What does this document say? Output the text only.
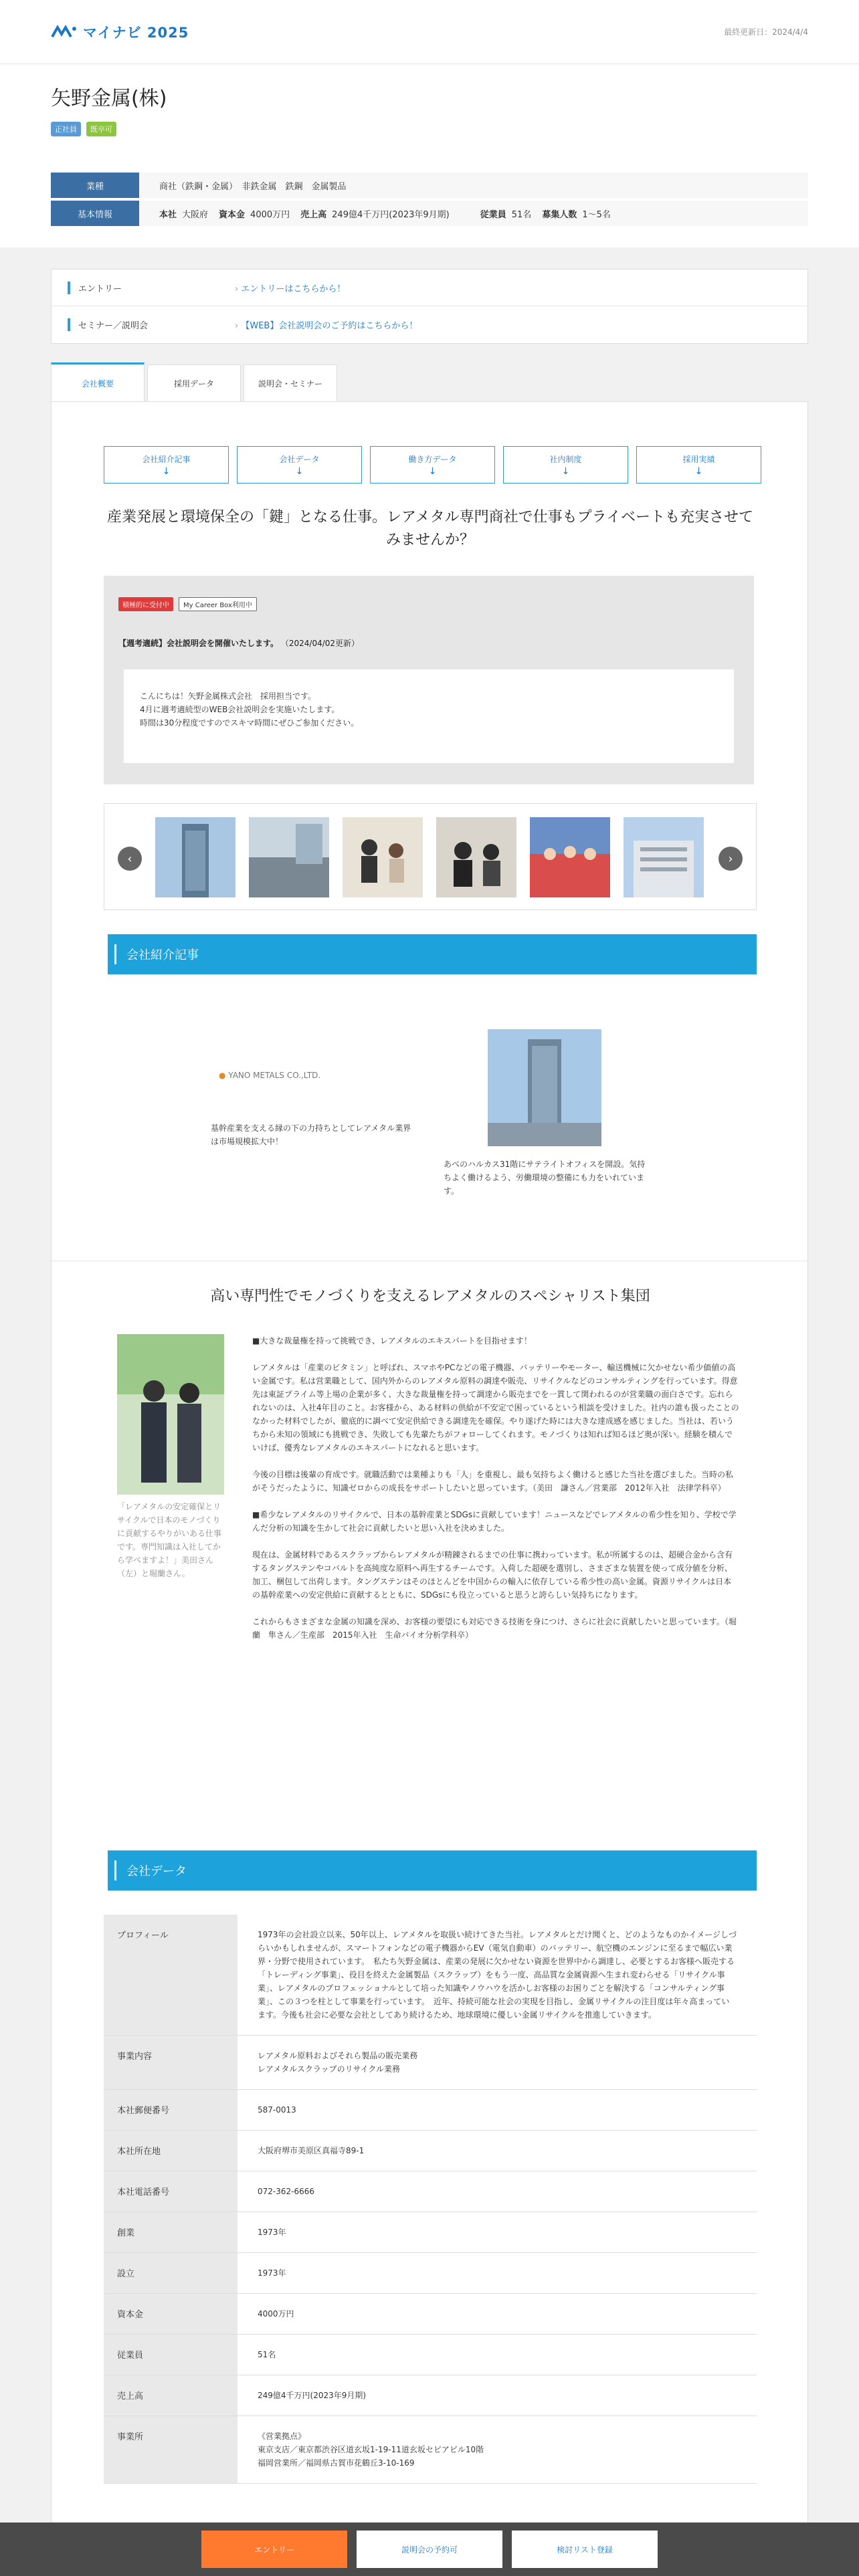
マイナビ 2025	最終更新日：2024/4/4
矢野金属(株)
正社員	既卒可
業種	商社（鉄鋼・金属）　非鉄金属　鉄鋼　金属製品
基本情報	本社 大阪府 資本金 4000万円 売上高 249億4千万円(2023年9月期)	従業員 51名 募集人数 1～5名
エントリー	› エントリーはこちらから！
セミナー／説明会	› 【WEB】会社説明会のご予約はこちらから！
会社概要	採用データ	説明会・セミナー
会社紹介記事
↓
会社データ
↓
働き方データ
↓
社内制度
↓
採用実績
↓
産業発展と環境保全の「鍵」となる仕事。レアメタル専門商社で仕事もプライベートも充実させてみませんか？
積極的に受付中	My Career Box利用中
【週考適続】会社説明会を開催いたします。 （2024/04/02更新）
こんにちは！矢野金属株式会社　採用担当です。
4月に週考適続型のWEB会社説明会を実施いたします。
時間は30分程度ですのでスキマ時間にぜひご参加ください。
‹	›
会社紹介記事
● YANO METALS CO.,LTD.
基幹産業を支える縁の下の力持ちとしてレアメタル業界は市場規模拡大中！
あべのハルカス31階にサテライトオフィスを開設。気持ちよく働けるよう、労働環境の整備にも力をいれています。
高い専門性でモノづくりを支えるレアメタルのスペシャリスト集団
「レアメタルの安定確保とリサイクルで日本のモノづくりに貢献するやりがいある仕事です。専門知識は入社してから学べますよ！」美田さん（左）と堀蘭さん。

■大きな裁量権を持って挑戦でき、レアメタルのエキスパートを目指せます！

レアメタルは「産業のビタミン」と呼ばれ、スマホやPCなどの電子機器、バッテリーやモーター、輸送機械に欠かせない希少価値の高い金属です。私は営業職として、国内外からのレアメタル原料の調達や販売、リサイクルなどのコンサルティングを行っています。得意先は東証プライム等上場の企業が多く、大きな裁量権を持って調達から販売までを一貫して関われるのが営業職の面白さです。忘れられないのは、入社4年目のこと。お客様から、ある材料の供給が不安定で困っているという相談を受けました。社内の誰も扱ったことのなかった材料でしたが、徹底的に調べて安定供給できる調達先を確保。やり遂げた時には大きな達成感を感じました。当社は、若いうちから未知の領域にも挑戦でき、失敗しても先輩たちがフォローしてくれます。モノづくりは知れば知るほど奥が深い。経験を積んでいけば、優秀なレアメタルのエキスパートになれると思います。

今後の目標は後輩の育成です。就職活動では業種よりも「人」を重視し、最も気持ちよく働けると感じた当社を選びました。当時の私がそうだったように、知識ゼロからの成長をサポートしたいと思っています。（美田　謙さん／営業部　2012年入社　法律学科卒）

■希少なレアメタルのリサイクルで、日本の基幹産業とSDGsに貢献しています！ニュースなどでレアメタルの希少性を知り、学校で学んだ分析の知識を生かして社会に貢献したいと思い入社を決めました。

現在は、金属材料であるスクラップからレアメタルが精錬されるまでの仕事に携わっています。私が所属するのは、超硬合金から含有するタングステンやコバルトを高純度な原料へ再生するチームです。入荷した超硬を選別し、さまざまな装置を使って成分値を分析、加工、梱包して出荷します。タングステンはそのほとんどを中国からの輸入に依存している希少性の高い金属。資源リサイクルは日本の基幹産業への安定供給に貢献するとともに、SDGsにも役立っていると思うと誇らしい気持ちになります。

これからもさまざまな金属の知識を深め、お客様の要望にも対応できる技術を身につけ、さらに社会に貢献したいと思っています。（堀蘭　隼さん／生産部　2015年入社　生命バイオ分析学科卒）

会社データ
プロフィール	1973年の会社設立以来、50年以上、レアメタルを取扱い続けてきた当社。レアメタルとだけ聞くと、どのようなものかイメージしづらいかもしれませんが、スマートフォンなどの電子機器からEV（電気自動車）のバッテリー、航空機のエンジンに至るまで幅広い業界・分野で使用されています。　私たち矢野金属は、産業の発展に欠かせない資源を世界中から調達し、必要とするお客様へ販売する「トレーディング事業」、役目を終えた金属製品（スクラップ）をもう一度、高品質な金属資源へ生まれ変わらせる「リサイクル事業」、レアメタルのプロフェッショナルとして培った知識やノウハウを活かしお客様のお困りごとを解決する「コンサルティング事業」、この３つを柱として事業を行っています。　近年、持続可能な社会の実現を目指し、金属リサイクルの注目度は年々高まっています。今後も社会に必要な会社としてあり続けるため、地球環境に優しい金属リサイクルを推進していきます。
事業内容	レアメタル原料およびそれら製品の販売業務
レアメタルスクラップのリサイクル業務
本社郵便番号	587-0013
本社所在地	大阪府堺市美原区真福寺89-1
本社電話番号	072-362-6666
創業	1973年
設立	1973年
資本金	4000万円
従業員	51名
売上高	249億4千万円(2023年9月期)
事業所	《営業拠点》
東京支店／東京都渋谷区道玄坂1-19-11道玄坂セピアビル10階
福岡営業所／福岡県古賀市花鶴丘3-10-169
エントリー	説明会の予約可	検討リスト登録
